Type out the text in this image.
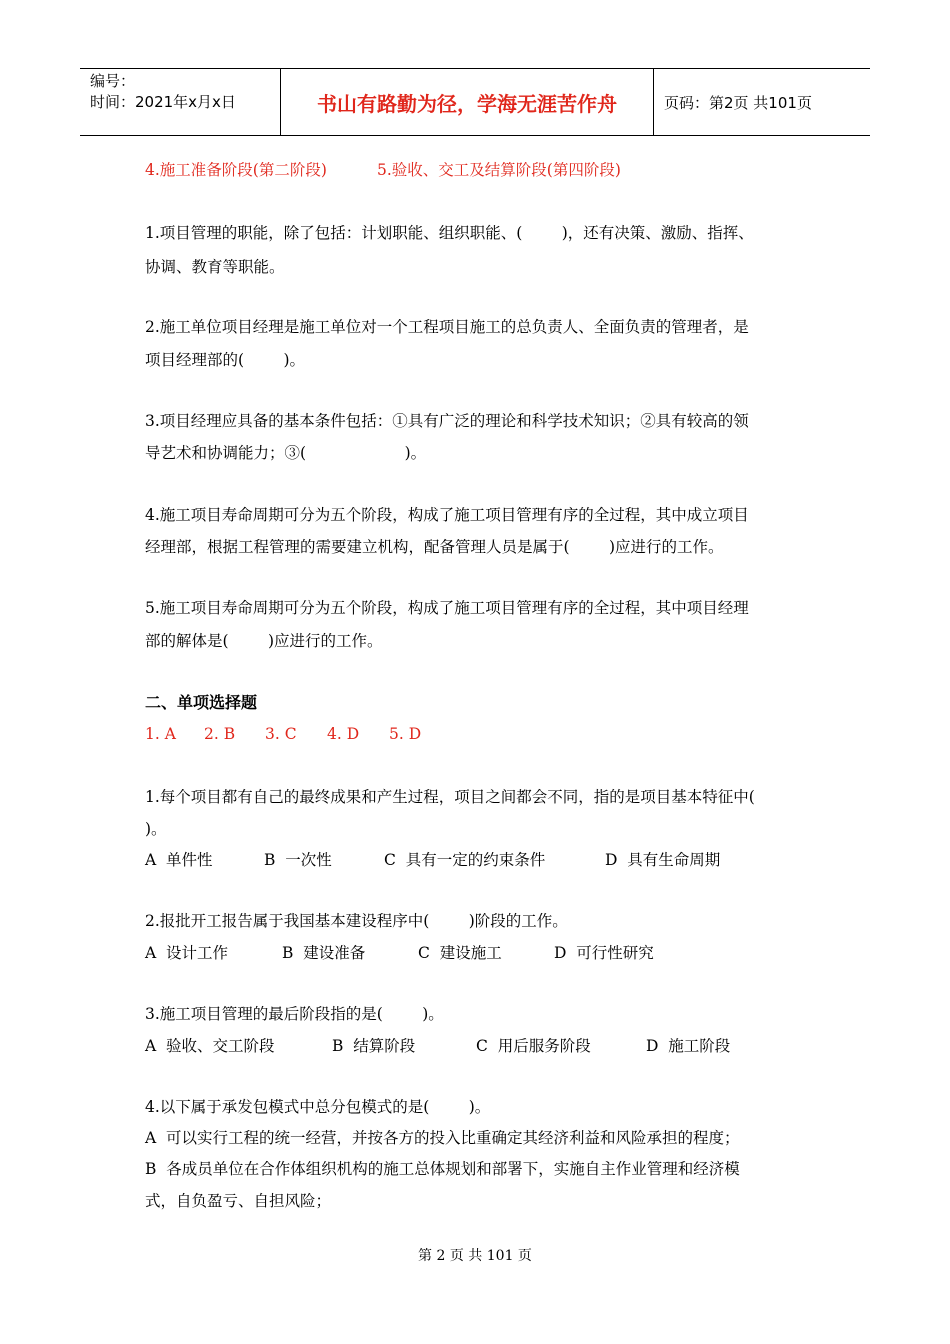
编号：
时间：2021年x月x日	书山有路勤为径，学海无涯苦作舟	页码：第2页 共101页
4.施工准备阶段(第二阶段)	5.验收、交工及结算阶段(第四阶段)
1.项目管理的职能，除了包括：计划职能、组织职能、(        )，还有决策、激励、指挥、
协调、教育等职能。
2.施工单位项目经理是施工单位对一个工程项目施工的总负责人、全面负责的管理者，是
项目经理部的(        )。
3.项目经理应具备的基本条件包括：①具有广泛的理论和科学技术知识；②具有较高的领
导艺术和协调能力；③(                    )。
4.施工项目寿命周期可分为五个阶段，构成了施工项目管理有序的全过程，其中成立项目
经理部，根据工程管理的需要建立机构，配备管理人员是属于(        )应进行的工作。
5.施工项目寿命周期可分为五个阶段，构成了施工项目管理有序的全过程，其中项目经理
部的解体是(        )应进行的工作。
二、单项选择题
1. A 2. B 3. C 4. D 5. D
1.每个项目都有自己的最终成果和产生过程，项目之间都会不同，指的是项目基本特征中(
)。
A  单件性	B  一次性	C  具有一定的约束条件	D  具有生命周期
2.报批开工报告属于我国基本建设程序中(        )阶段的工作。
A  设计工作	B  建设准备	C  建设施工	D  可行性研究
3.施工项目管理的最后阶段指的是(        )。
A  验收、交工阶段	B  结算阶段	C  用后服务阶段	D  施工阶段
4.以下属于承发包模式中总分包模式的是(        )。
A  可以实行工程的统一经营，并按各方的投入比重确定其经济利益和风险承担的程度；
B  各成员单位在合作体组织机构的施工总体规划和部署下，实施自主作业管理和经济模
式，自负盈亏、自担风险；
第 2 页 共 101 页
